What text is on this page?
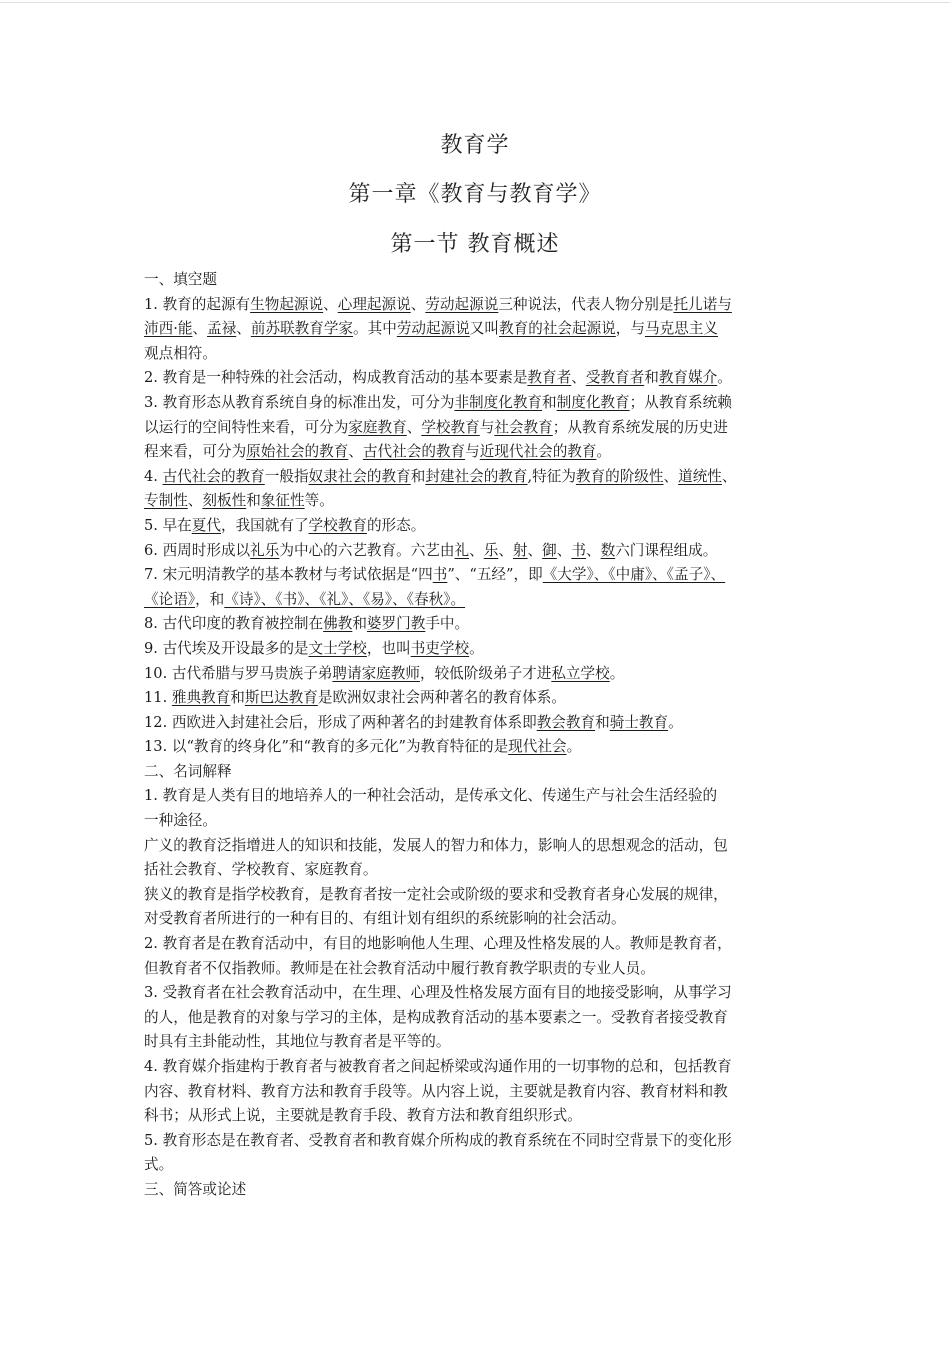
教育学
第一章《教育与教育学》
第一节 教育概述
一、填空题
1. 教育的起源有生物起源说、心理起源说、劳动起源说三种说法，代表人物分别是托儿诺与
沛西·能、孟禄、前苏联教育学家。其中劳动起源说又叫教育的社会起源说，与马克思主义
观点相符。
2. 教育是一种特殊的社会活动，构成教育活动的基本要素是教育者、受教育者和教育媒介。
3. 教育形态从教育系统自身的标准出发，可分为非制度化教育和制度化教育；从教育系统赖
以运行的空间特性来看，可分为家庭教育、学校教育与社会教育；从教育系统发展的历史进
程来看，可分为原始社会的教育、古代社会的教育与近现代社会的教育。
4. 古代社会的教育一般指奴隶社会的教育和封建社会的教育,特征为教育的阶级性、道统性、
专制性、刻板性和象征性等。
5. 早在夏代，我国就有了学校教育的形态。
6. 西周时形成以礼乐为中心的六艺教育。六艺由礼、乐、射、御、书、数六门课程组成。
7. 宋元明清教学的基本教材与考试依据是“四书”、“五经”，即《大学》、《中庸》、《孟子》、
《论语》，和《诗》、《书》、《礼》、《易》、《春秋》。
8. 古代印度的教育被控制在佛教和婆罗门教手中。
9. 古代埃及开设最多的是文士学校，也叫书吏学校。
10. 古代希腊与罗马贵族子弟聘请家庭教师，较低阶级弟子才进私立学校。
11. 雅典教育和斯巴达教育是欧洲奴隶社会两种著名的教育体系。
12. 西欧进入封建社会后，形成了两种著名的封建教育体系即教会教育和骑士教育。
13. 以“教育的终身化”和“教育的多元化”为教育特征的是现代社会。
二、名词解释
1. 教育是人类有目的地培养人的一种社会活动，是传承文化、传递生产与社会生活经验的
一种途径。
广义的教育泛指增进人的知识和技能，发展人的智力和体力，影响人的思想观念的活动，包
括社会教育、学校教育、家庭教育。
狭义的教育是指学校教育，是教育者按一定社会或阶级的要求和受教育者身心发展的规律，
对受教育者所进行的一种有目的、有组计划有组织的系统影响的社会活动。
2. 教育者是在教育活动中，有目的地影响他人生理、心理及性格发展的人。教师是教育者，
但教育者不仅指教师。教师是在社会教育活动中履行教育教学职责的专业人员。
3. 受教育者在社会教育活动中，在生理、心理及性格发展方面有目的地接受影响，从事学习
的人，他是教育的对象与学习的主体，是构成教育活动的基本要素之一。受教育者接受教育
时具有主卦能动性，其地位与教育者是平等的。
4. 教育媒介指建构于教育者与被教育者之间起桥梁或沟通作用的一切事物的总和，包括教育
内容、教育材料、教育方法和教育手段等。从内容上说，主要就是教育内容、教育材料和教
科书；从形式上说，主要就是教育手段、教育方法和教育组织形式。
5. 教育形态是在教育者、受教育者和教育媒介所构成的教育系统在不同时空背景下的变化形
式。
三、简答或论述
